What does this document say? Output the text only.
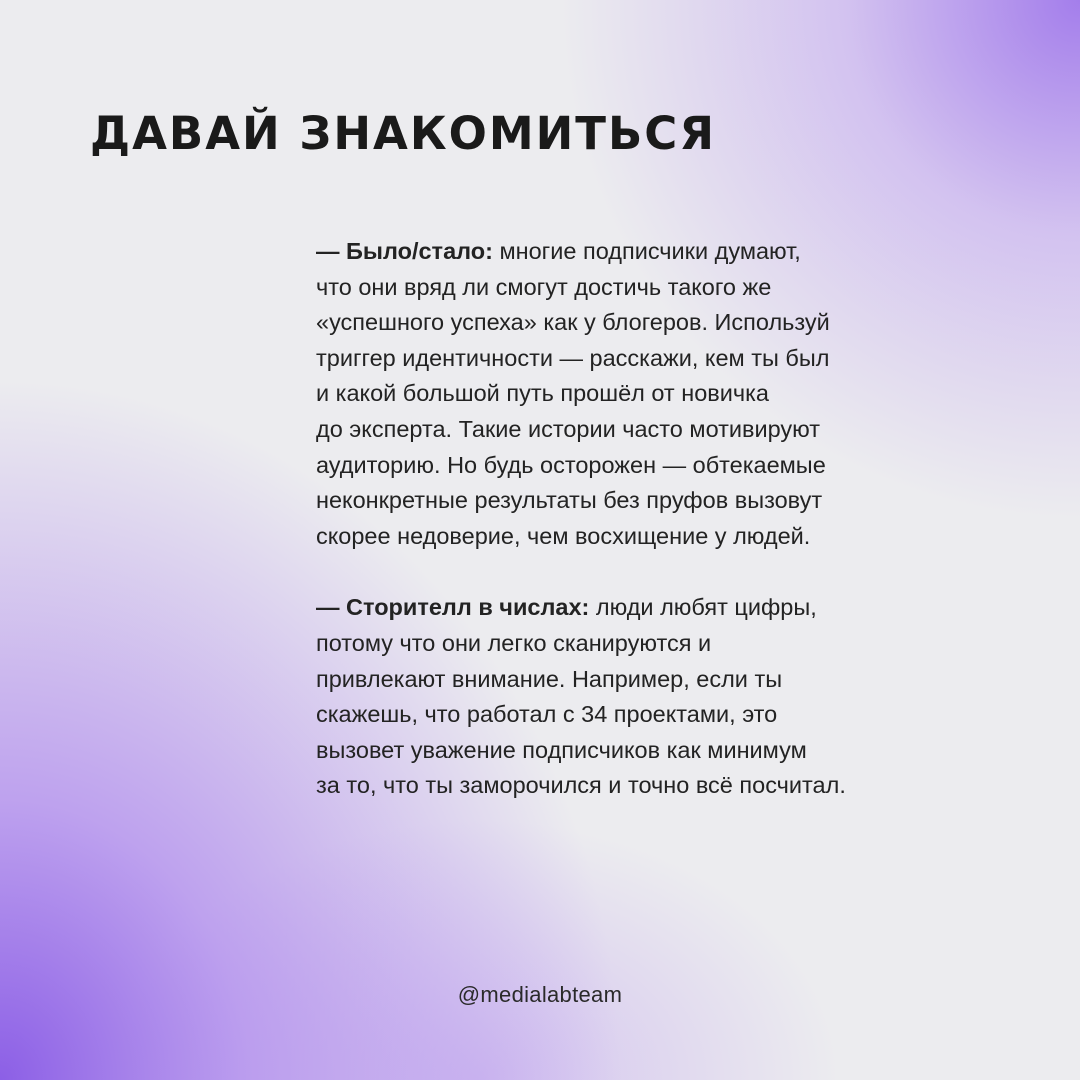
ДАВАЙ ЗНАКОМИТЬСЯ

— Было/стало: многие подписчики думают,
что они вряд ли смогут достичь такого же
«успешного успеха» как у блогеров. Используй
триггер идентичности — расскажи, кем ты был
и какой большой путь прошёл от новичка
до эксперта. Такие истории часто мотивируют
аудиторию. Но будь осторожен — обтекаемые
неконкретные результаты без пруфов вызовут
скорее недоверие, чем восхищение у людей.

— Сторителл в числах: люди любят цифры,
потому что они легко сканируются и
привлекают внимание. Например, если ты
скажешь, что работал с 34 проектами, это
вызовет уважение подписчиков как минимум
за то, что ты заморочился и точно всё посчитал.

@medialabteam
